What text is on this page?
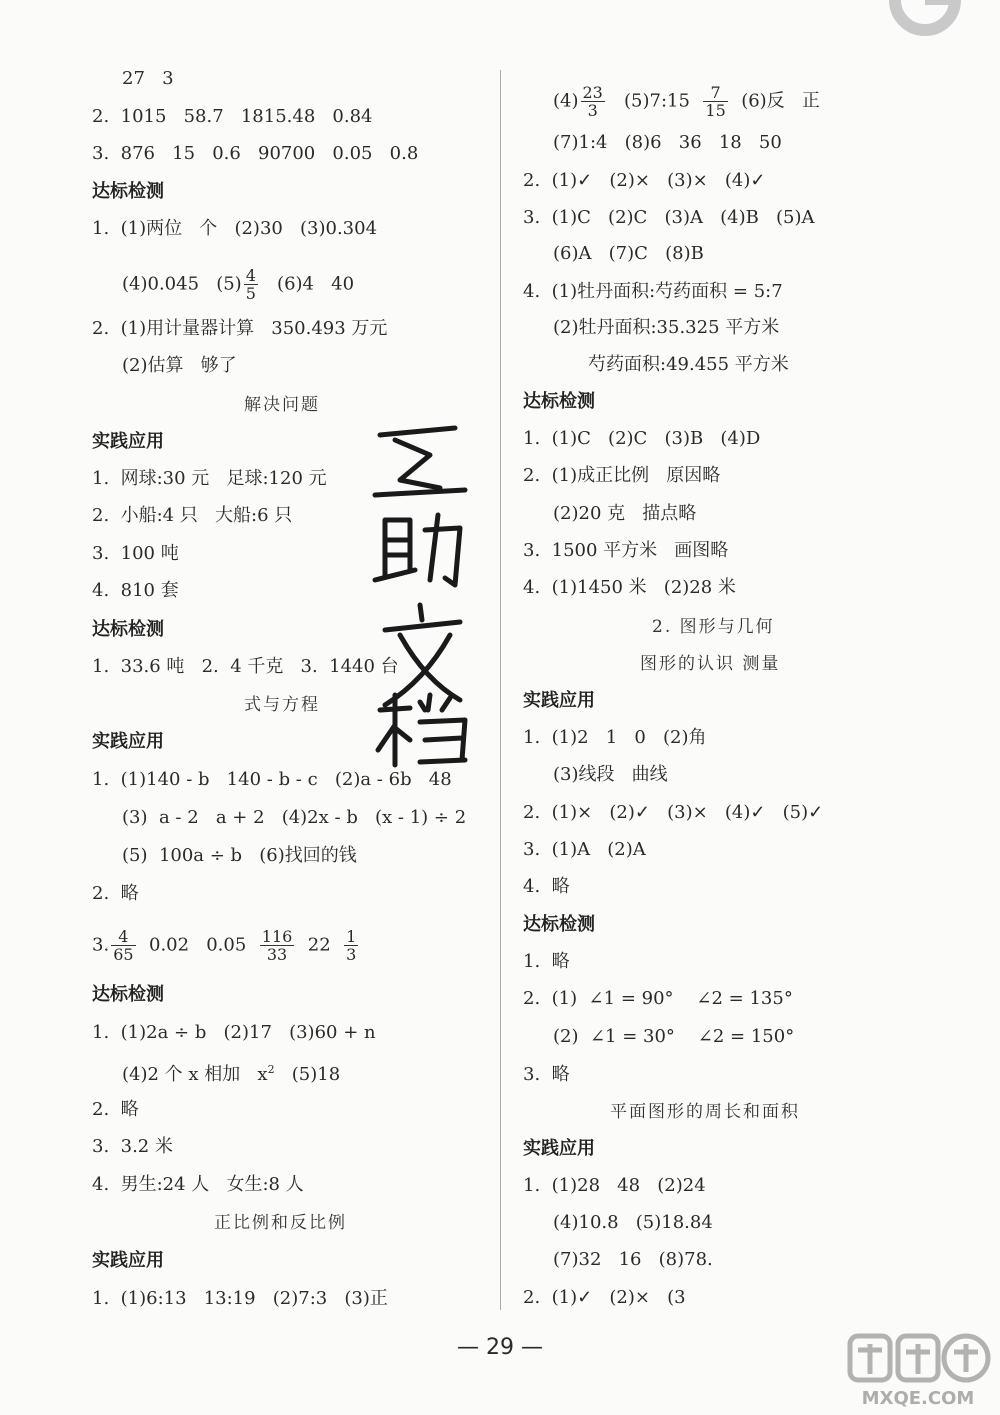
27   3
2.  1015   58.7   1815.48   0.84
3.  876   15   0.6   90700   0.05   0.8
达标检测
1.  (1)两位   个   (2)30   (3)0.304
(4)0.045   $(5) \frac{4}{5} (6)4$   40
2.  (1)用计量器计算   350.493 万元
(2)估算   够了
解决问题
实践应用
1.  网球:30 元   足球:120 元
2.  小船:4 只   大船:6 只
3.  100 吨
4.  810 套
达标检测
1.  33.6 吨   2.  4 千克   3.  1440 台
式与方程
实践应用
1.  (1)140 - b   140 - b - c   (2)a - 6b   48
(3)  a - 2   a + 2   (4)2x - b   (x - 1) ÷ 2
(5)  100a ÷ b   (6)找回的钱
2.  略
3. $\frac{4}{65} 0.02$   $0.05 \frac{116}{33} 22 \frac{1}{3}$
达标检测
1.  (1)2a ÷ b   (2)17   (3)60 + n
(4)2 个 x 相加   $x^2$   (5)18
2.  略
3.  3.2 米
4.  男生:24 人   女生:8 人
正比例和反比例
实践应用
1.  (1)6:13   13:19   (2)7:3   (3)正
$(4) \frac{23}{3}$ (5)7:15 $\frac{7}{15} (6)$反   正
(7)1:4   (8)6   36   18   50
2.  (1)✓   (2)×   (3)×   (4)✓
3.  (1)C   (2)C   (3)A   (4)B   (5)A
(6)A   (7)C   (8)B
4.  (1)牡丹面积:芍药面积 = 5:7
(2)牡丹面积:35.325 平方米
芍药面积:49.455 平方米
达标检测
1.  (1)C   (2)C   (3)B   (4)D
2.  (1)成正比例   原因略
(2)20 克   描点略
3.  1500 平方米   画图略
4.  (1)1450 米   (2)28 米
2. 图形与几何
图形的认识 测量
实践应用
1.  (1)2   1   0   (2)角
(3)线段   曲线
2.  (1)×   (2)✓   (3)×   (4)✓   (5)✓
3.  (1)A   (2)A
4.  略
达标检测
1.  略
2.  (1)  ∠1 = 90°    ∠2 = 135°
(2)  ∠1 = 30°    ∠2 = 150°
3.  略
平面图形的周长和面积
实践应用
1.  (1)28   48   (2)24
(4)10.8   (5)18.84
(7)32   16   (8)78.
2.  (1)✓   (2)×   (3
— 29 —
MXQE.COM
